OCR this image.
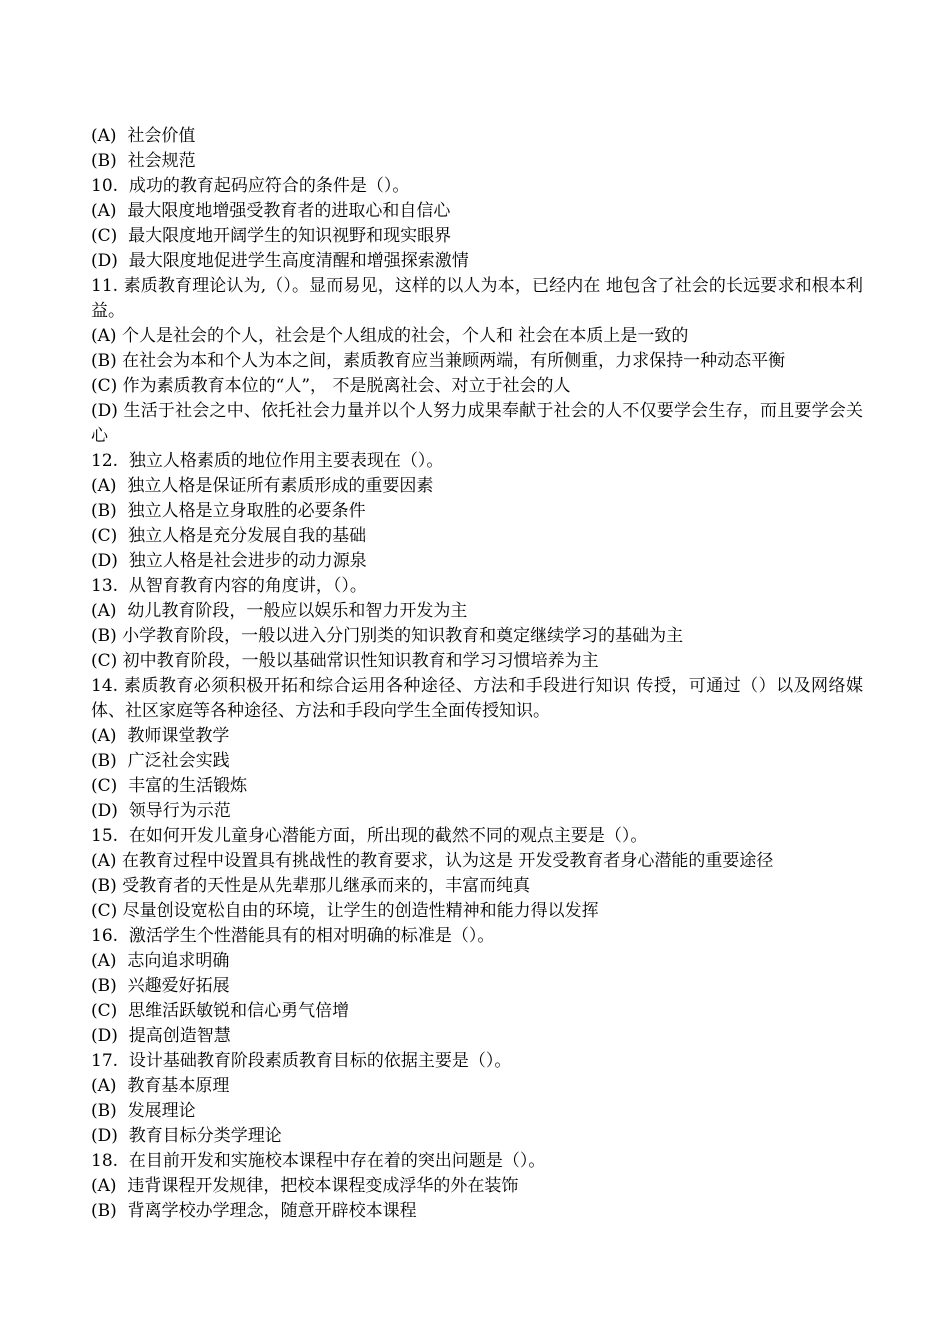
(A)  社会价值
(B)  社会规范
10.  成功的教育起码应符合的条件是（）。
(A)  最大限度地增强受教育者的进取心和自信心
(C)  最大限度地开阔学生的知识视野和现实眼界
(D)  最大限度地促进学生高度清醒和增强探索激情
11. 素质教育理论认为,（）。显而易见，这样的以人为本，已经内在 地包含了社会的长远要求和根本利益。
(A) 个人是社会的个人，社会是个人组成的社会，个人和 社会在本质上是一致的
(B) 在社会为本和个人为本之间，素质教育应当兼顾两端，有所侧重，力求保持一种动态平衡
(C) 作为素质教育本位的“人”， 不是脱离社会、对立于社会的人
(D) 生活于社会之中、依托社会力量并以个人努力成果奉献于社会的人不仅要学会生存，而且要学会关心
12.  独立人格素质的地位作用主要表现在（）。
(A)  独立人格是保证所有素质形成的重要因素
(B)  独立人格是立身取胜的必要条件
(C)  独立人格是充分发展自我的基础
(D)  独立人格是社会进步的动力源泉
13.  从智育教育内容的角度讲，（）。
(A)  幼儿教育阶段，一般应以娱乐和智力开发为主
(B) 小学教育阶段，一般以进入分门别类的知识教育和奠定继续学习的基础为主
(C) 初中教育阶段，一般以基础常识性知识教育和学习习惯培养为主
14. 素质教育必须积极开拓和综合运用各种途径、方法和手段进行知识 传授，可通过（）以及网络媒体、社区家庭等各种途径、方法和手段向学生全面传授知识。
(A)  教师课堂教学
(B)  广泛社会实践
(C)  丰富的生活锻炼
(D)  领导行为示范
15.  在如何开发儿童身心潜能方面，所出现的截然不同的观点主要是（）。
(A) 在教育过程中设置具有挑战性的教育要求，认为这是 开发受教育者身心潜能的重要途径
(B) 受教育者的天性是从先辈那儿继承而来的，丰富而纯真
(C) 尽量创设宽松自由的环境，让学生的创造性精神和能力得以发挥
16.  激活学生个性潜能具有的相对明确的标准是（）。
(A)  志向追求明确
(B)  兴趣爱好拓展
(C)  思维活跃敏锐和信心勇气倍增
(D)  提高创造智慧
17.  设计基础教育阶段素质教育目标的依据主要是（）。
(A)  教育基本原理
(B)  发展理论
(D)  教育目标分类学理论
18.  在目前开发和实施校本课程中存在着的突出问题是（）。
(A)  违背课程开发规律，把校本课程变成浮华的外在装饰
(B)  背离学校办学理念，随意开辟校本课程
